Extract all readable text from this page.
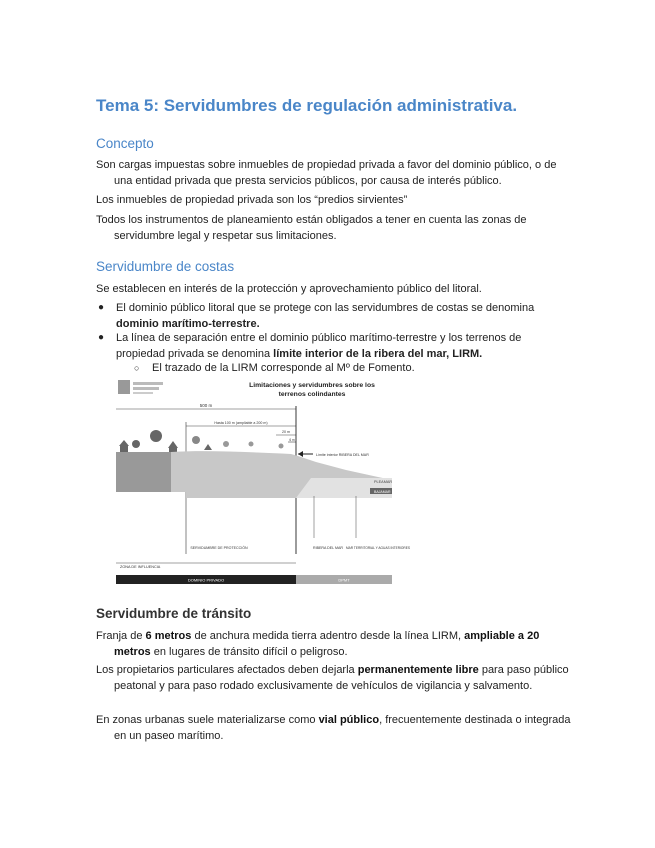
Tema 5: Servidumbres de regulación administrativa.
Concepto

Son cargas impuestas sobre inmuebles de propiedad privada a favor del dominio público, o de una entidad privada que presta servicios públicos, por causa de interés público.

Los inmuebles de propiedad privada son los “predios sirvientes”

Todos los instrumentos de planeamiento están obligados a tener en cuenta las zonas de servidumbre legal y respetar sus limitaciones.

Servidumbre de costas

Se establecen en interés de la protección y aprovechamiento público del litoral.

● El dominio público litoral que se protege con las servidumbres de costas se denomina dominio marítimo-terrestre.
● La línea de separación entre el dominio público marítimo-terrestre y los terrenos de propiedad privada se denomina límite interior de la ribera del mar, LIRM.
○ El trazado de la LIRM corresponde al Mº de Fomento.
Servidumbre de tránsito

Franja de 6 metros de anchura medida tierra adentro desde la línea LIRM, ampliable a 20 metros en lugares de tránsito difícil o peligroso.

Los propietarios particulares afectados deben dejarla permanentemente libre para paso público peatonal y para paso rodado exclusivamente de vehículos de vigilancia y salvamento.

En zonas urbanas suele materializarse como vial público, frecuentemente destinada o integrada en un paseo marítimo.

Limitaciones y servidumbres sobre los
terrenos colindantes
500 m
Hasta 100 m (ampliable a 200 m)
20 m
6 m
Límite interior RIBERA DEL MAR
PLEAMAR
BAJAMAR
SERVIDUMBRE DE PROTECCIÓN	RIBERA DEL MAR MAR TERRITORIAL Y AGUAS INTERIORES
ZONA DE INFLUENCIA
DOMINIO PRIVADO	DPMT
